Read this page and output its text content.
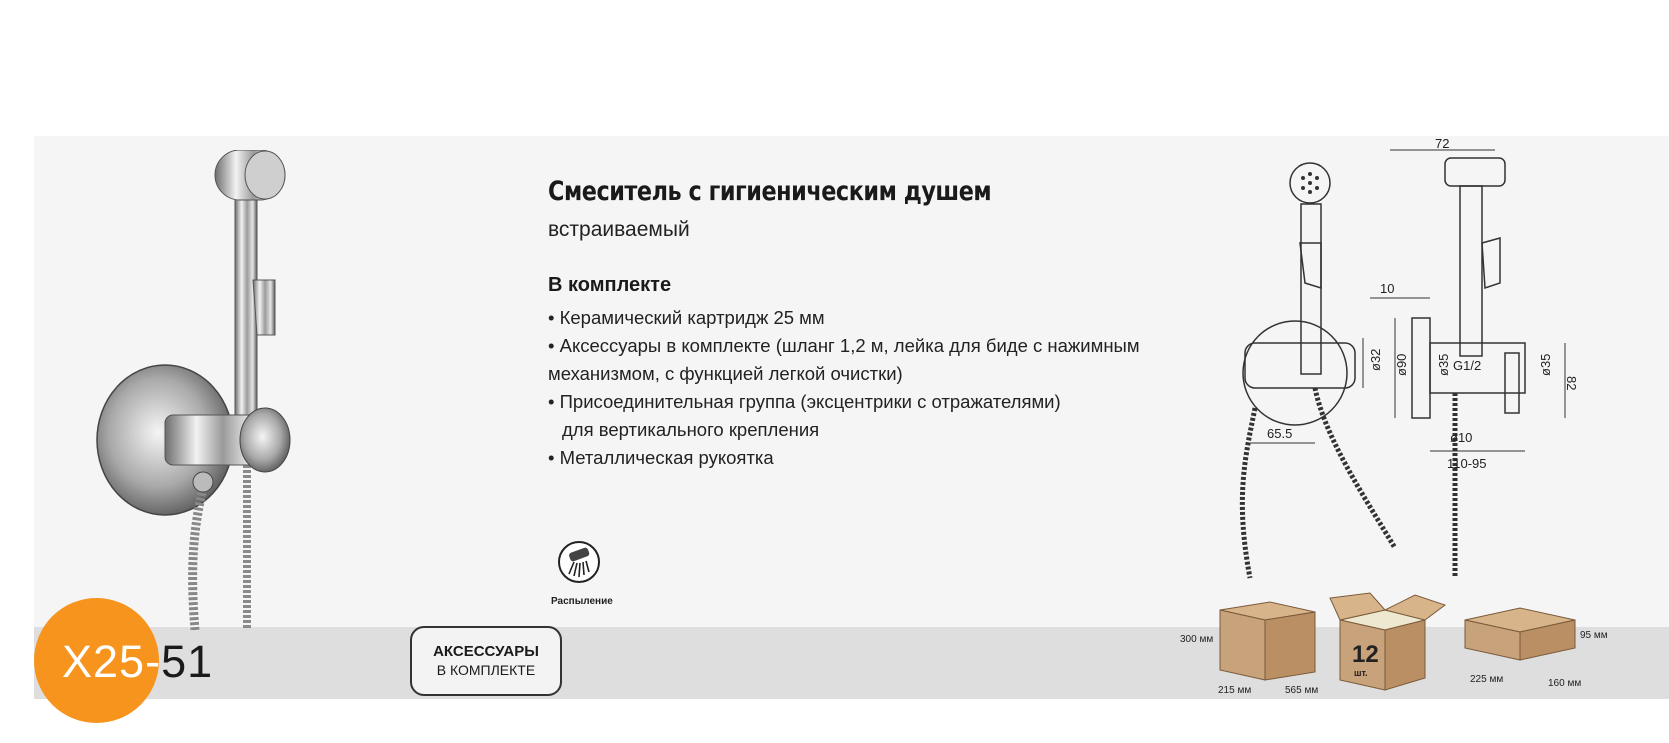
Смеситель с гигиеническим душем
встраиваемый
В комплекте
• Керамический картридж 25 мм
• Аксессуары в комплекте (шланг 1,2 м, лейка для биде с нажимным
механизмом, с функцией легкой очистки)
• Присоединительная группа (эксцентрики с отражателями)
для вертикального крепления
• Металлическая рукоятка
Распыление
ø32
65.5
72
10
ø90 ø35 G1/2	ø35
82
ø10
110-95
X25-51	АКСЕССУАРЫ
В КОМПЛЕКТЕ
300 мм
215 мм	565 мм
12
шт.
95 мм
225 мм	160 мм
